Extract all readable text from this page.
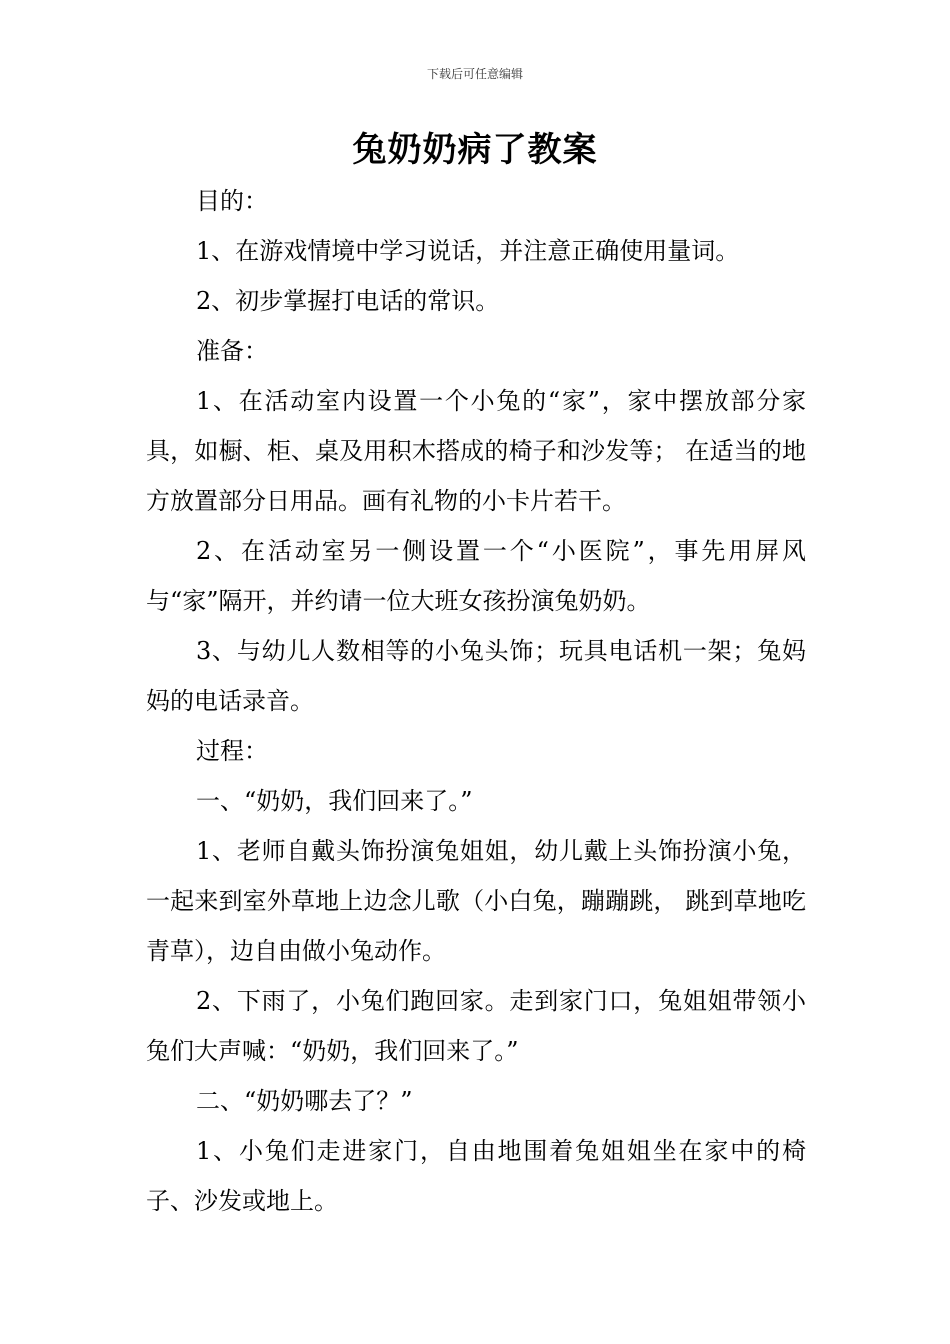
下载后可任意编辑
兔奶奶病了教案

目的：

1、在游戏情境中学习说话，并注意正确使用量词。

2、初步掌握打电话的常识。

准备：

1、在活动室内设置一个小兔的“家”，家中摆放部分家具，如橱、柜、桌及用积木搭成的椅子和沙发等； 在适当的地方放置部分日用品。画有礼物的小卡片若干。

2、在活动室另一侧设置一个“小医院”，事先用屏风与“家”隔开，并约请一位大班女孩扮演兔奶奶。

3、与幼儿人数相等的小兔头饰；玩具电话机一架；兔妈妈的电话录音。

过程：

一、“奶奶，我们回来了。”

1、老师自戴头饰扮演兔姐姐，幼儿戴上头饰扮演小兔，一起来到室外草地上边念儿歌（小白兔，蹦蹦跳， 跳到草地吃青草），边自由做小兔动作。

2、下雨了，小兔们跑回家。走到家门口，兔姐姐带领小兔们大声喊：“奶奶，我们回来了。”

二、“奶奶哪去了？”

1、小兔们走进家门，自由地围着兔姐姐坐在家中的椅子、沙发或地上。
